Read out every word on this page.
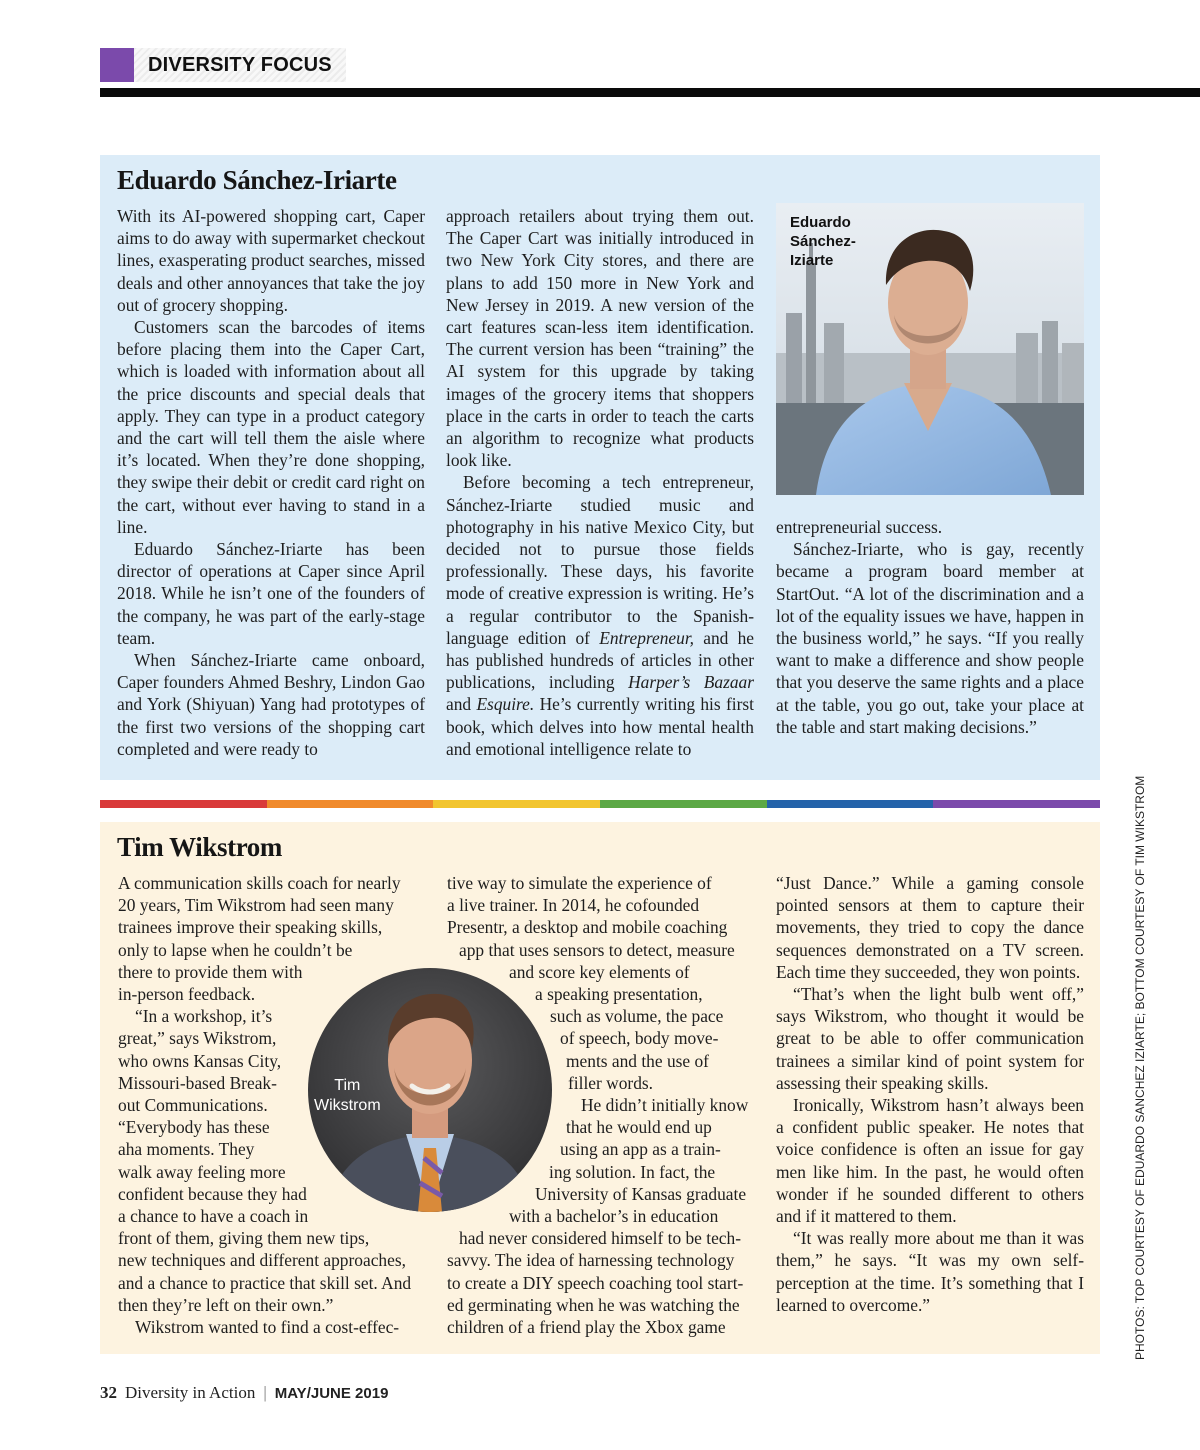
DIVERSITY FOCUS
Eduardo Sánchez-Iriarte

With its AI-powered shopping cart, Caper aims to do away with supermarket checkout lines, exasperating product searches, missed deals and other annoyances that take the joy out of grocery shopping.

Customers scan the barcodes of items before placing them into the Caper Cart, which is loaded with information about all the price discounts and special deals that apply. They can type in a product category and the cart will tell them the aisle where it’s located. When they’re done shopping, they swipe their debit or credit card right on the cart, without ever having to stand in a line.

Eduardo Sánchez-Iriarte has been director of operations at Caper since April 2018. While he isn’t one of the founders of the company, he was part of the early-stage team.

When Sánchez-Iriarte came onboard, Caper founders Ahmed Beshry, Lindon Gao and York (Shiyuan) Yang had prototypes of the first two versions of the shopping cart completed and were ready to

approach retailers about trying them out. The Caper Cart was initially introduced in two New York City stores, and there are plans to add 150 more in New York and New Jersey in 2019. A new version of the cart features scan-less item identification. The current version has been “training” the AI system for this upgrade by taking images of the grocery items that shoppers place in the carts in order to teach the carts an algorithm to recognize what products look like.

Before becoming a tech entrepreneur, Sánchez-Iriarte studied music and photography in his native Mexico City, but decided not to pursue those fields professionally. These days, his favorite mode of creative expression is writing. He’s a regular contributor to the Spanish-language edition of Entrepreneur, and he has published hundreds of articles in other publications, including Harper’s Bazaar and Esquire. He’s currently writing his first book, which delves into how mental health and emotional intelligence relate to

Eduardo
Sánchez-
Iziarte

entrepreneurial success.

Sánchez-Iriarte, who is gay, recently became a program board member at StartOut. “A lot of the discrimination and a lot of the equality issues we have, happen in the business world,” he says. “If you really want to make a difference and show people that you deserve the same rights and a place at the table, you go out, take your place at the table and start making decisions.”

Tim Wikstrom
A communication skills coach for nearly
20 years, Tim Wikstrom had seen many
trainees improve their speaking skills,
only to lapse when he couldn’t be
there to provide them with
in-person feedback.
“In a workshop, it’s
great,” says Wikstrom,
who owns Kansas City,
Missouri-based Break-
out Communications.
“Everybody has these
aha moments. They
walk away feeling more
confident because they had
a chance to have a coach in
front of them, giving them new tips,
new techniques and different approaches,
and a chance to practice that skill set. And
then they’re left on their own.”
Wikstrom wanted to find a cost-effec-
tive way to simulate the experience of
a live trainer. In 2014, he cofounded
Presentr, a desktop and mobile coaching
app that uses sensors to detect, measure
and score key elements of
a speaking presentation,
such as volume, the pace
of speech, body move-
ments and the use of
filler words.
He didn’t initially know
that he would end up
using an app as a train-
ing solution. In fact, the
University of Kansas graduate
with a bachelor’s in education
had never considered himself to be tech-
savvy. The idea of harnessing technology
to create a DIY speech coaching tool start-
ed germinating when he was watching the
children of a friend play the Xbox game
Tim
Wikstrom

“Just Dance.” While a gaming console pointed sensors at them to capture their movements, they tried to copy the dance sequences demonstrated on a TV screen. Each time they succeeded, they won points.

“That’s when the light bulb went off,” says Wikstrom, who thought it would be great to be able to offer communication trainees a similar kind of point system for assessing their speaking skills.

Ironically, Wikstrom hasn’t always been a confident public speaker. He notes that voice confidence is often an issue for gay men like him. In the past, he would often wonder if he sounded different to others and if it mattered to them.

“It was really more about me than it was them,” he says. “It was my own self-perception at the time. It’s something that I learned to overcome.”	PHOTOS: TOP COURTESY OF EDUARDO SANCHEZ IZIARTE; BOTTOM COURTESY OF TIM WIKSTROM
32 Diversity in Action | MAY/JUNE 2019
